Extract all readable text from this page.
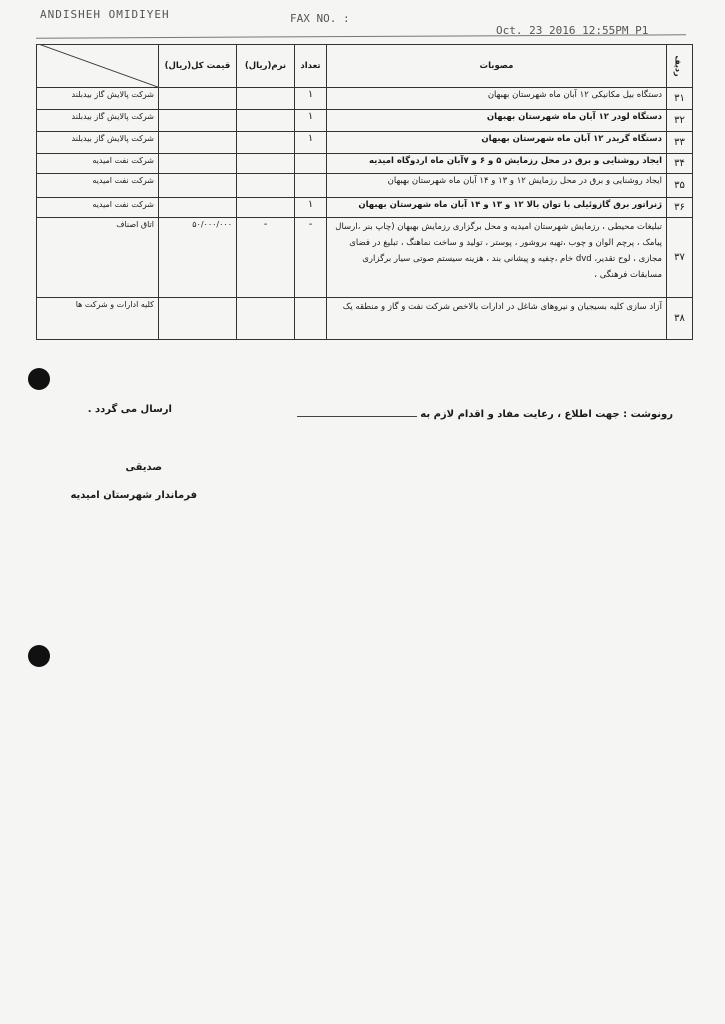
ANDISHEH OMIDIYEH	FAX NO. :
Oct. 23 2016 12:55PM P1
ردیف	مصوبات	تعداد	نرم(ریال)	قیمت کل(ریال)	
۳۱	دستگاه بیل مکانیکی ۱۲ آبان ماه شهرستان بهبهان	۱			شرکت پالایش گاز بیدبلند
۳۲	دستگاه لودر ۱۲ آبان ماه شهرستان بهبهان	۱			شرکت پالایش گاز بیدبلند
۳۳	دستگاه گریدر ۱۲ آبان ماه شهرستان بهبهان	۱			شرکت پالایش گاز بیدبلند
۳۴	ایجاد روشنایی و برق در محل رزمایش ۵ و ۶ و ۷آبان ماه اردوگاه امیدیه				شرکت نفت امیدیه
۳۵	ایجاد روشنایی و برق در محل رزمایش ۱۲ و ۱۳ و ۱۴ آبان ماه شهرستان بهبهان				شرکت نفت امیدیه
۳۶	ژنراتور برق گازوئیلی با توان بالا ۱۲ و ۱۳ و ۱۴ آبان ماه شهرستان بهبهان	۱			شرکت نفت امیدیه
۳۷	تبلیغات محیطی ، رزمایش شهرستان امیدیه و محل برگزاری رزمایش بهبهان (چاپ بنر ،ارسال پیامک ، پرچم الوان و چوب ،تهیه بروشور ، پوستر ، تولید و ساخت نماهنگ ، تبلیغ در فضای مجازی ، لوح تقدیر، dvd خام ،چفیه و پیشانی بند ، هزینه سیستم صوتی سیار برگزاری مسابقات فرهنگی ،	-	-	۵۰/۰۰۰/۰۰۰	اتاق اصناف
۳۸	آزاد سازی کلیه بسیجیان و نیروهای شاغل در ادارات بالاخص شرکت نفت و گاز و منطقه یک				کلیه ادارات و شرکت ها
رونوشت : جهت اطلاع ، رعایت مفاد و اقدام لازم به
ارسال می گردد .
صدیقی
فرماندار شهرستان امیدیه
